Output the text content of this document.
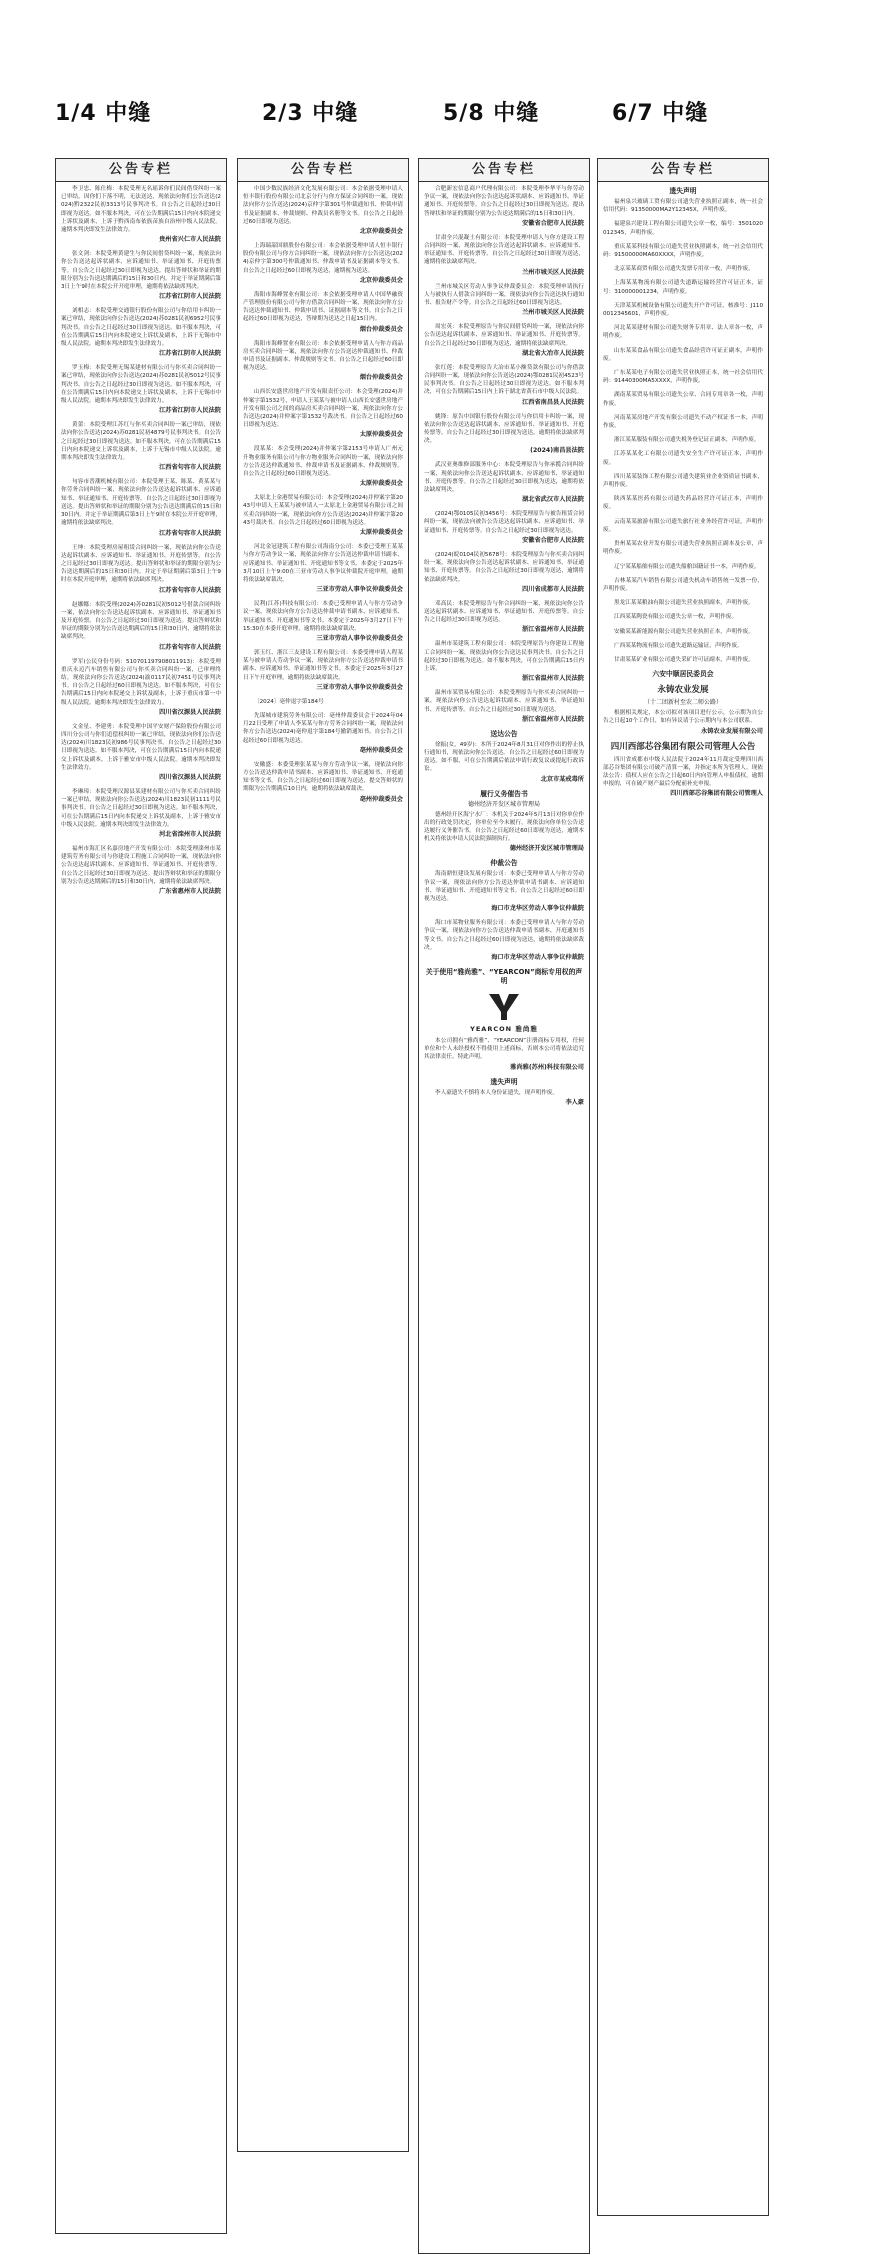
1/4 中缝	2/3 中缝	5/8 中缝	6/7 中缝
公告专栏

李卫忠、陈仕梅：本院受理无名瑶诉你们民间借贷纠纷一案已审结，因你们下落不明，无法送达，现依法向你们公告送达(2024)黔2322民初3313号民事判决书。自公告之日起经过30日即视为送达。如不服本判决，可在公告期满后15日内向本院递交上诉状及副本，上诉于黔西南布依族苗族自治州中级人民法院。逾期本判决即发生法律效力。

贵州省兴仁市人民法院

张文剑：本院受理黄建生与你民间借贷纠纷一案，现依法向你公告送达起诉状副本、应诉通知书、举证通知书、开庭传票等。自公告之日起经过30日即视为送达。提出答辩状和举证的期限分别为公告送达期满后的15日和30日内。并定于举证期满后第3日上午9时在本院公开开庭审理，逾期将依法缺席判决。

江苏省江阴市人民法院

刘相志：本院受理交通银行股份有限公司与你信用卡纠纷一案已审结，现依法向你公告送达(2024)苏0281民初6952号民事判决书。自公告之日起经过30日即视为送达。如不服本判决，可在公告期满后15日内向本院递交上诉状及副本，上诉于无锡市中级人民法院。逾期本判决即发生法律效力。

江苏省江阴市人民法院

罗玉梅：本院受理无锡某建材有限公司与你买卖合同纠纷一案已审结，现依法向你公告送达(2024)苏0281民初5012号民事判决书。自公告之日起经过30日即视为送达。如不服本判决，可在公告期满后15日内向本院递交上诉状及副本，上诉于无锡市中级人民法院。逾期本判决即发生法律效力。

江苏省江阴市人民法院

黄蕾：本院受理江苏红与你买卖合同纠纷一案已审结，现依法向你公告送达(2024)苏0281民初4879号民事判决书。自公告之日起经过30日即视为送达。如不服本判决，可在公告期满后15日内向本院递交上诉状及副本，上诉于无锡市中级人民法院。逾期本判决即发生法律效力。

江西省句容市人民法院

句容市普潮机械有限公司：本院受理王某、陈某、黄某某与你劳务合同纠纷一案，现依法向你公告送达起诉状副本、应诉通知书、举证通知书、开庭传票等。自公告之日起经过30日即视为送达。提出答辩状和举证的期限分别为公告送达期满后的15日和30日内。并定于举证期满后第3日上午9时在本院公开开庭审理，逾期将依法缺席判决。

江苏省句容市人民法院

王坤：本院受理房屋租赁合同纠纷一案，现依法向你公告送达起诉状副本、应诉通知书、举证通知书、开庭传票等。自公告之日起经过30日即视为送达。提出答辩状和举证的期限分别为公告送达期满后的15日和30日内。并定于举证期满后第3日上午9时在本院开庭审理，逾期将依法缺席判决。

江苏省句容市人民法院

赵娜娜：本院受理(2024)苏0281民初5012号借款合同纠纷一案，依法向你公告送达起诉状副本、应诉通知书、举证通知书及开庭传票。自公告之日起经过30日即视为送达。提出答辩状和举证的期限分别为公告送达期满后的15日和30日内，逾期将依法缺席判决。

江苏省句容市人民法院

罗军(公民身份号码：510701197908011913)：本院受理重庆永迈汽车销售有限公司与你买卖合同纠纷一案，已审理终结。现依法向你公告送达(2024)渝0117民初7451号民事判决书。自公告之日起经过60日即视为送达。如不服本判决，可在公告期满后15日内向本院递交上诉状及副本，上诉于重庆市第一中级人民法院。逾期本判决即发生法律效力。

四川省汉源县人民法院

文金星、李建勇：本院受理中国平安财产保险股份有限公司四川分公司与你们追偿权纠纷一案已审结，现依法向你们公告送达(2024)川1823民初986号民事判决书。自公告之日起经过30日即视为送达。如不服本判决，可在公告期满后15日内向本院递交上诉状及副本，上诉于雅安市中级人民法院。逾期本判决即发生法律效力。

四川省汉源县人民法院

李琳璋：本院受理汉源县某建材有限公司与你买卖合同纠纷一案已审结，现依法向你公告送达(2024)川1823民初1111号民事判决书。自公告之日起经过30日即视为送达。如不服本判决，可在公告期满后15日内向本院递交上诉状及副本，上诉于雅安市中级人民法院。逾期本判决即发生法律效力。

河北省滦州市人民法院

福州市海汇区名嘉房地产开发有限公司：本院受理滦州市某建筑劳务有限公司与你建设工程施工合同纠纷一案，现依法向你公告送达起诉状副本、应诉通知书、举证通知书、开庭传票等。自公告之日起经过30日即视为送达。提出答辩状和举证的期限分别为公告送达期满后的15日和30日内，逾期将依法缺席判决。

广东省惠州市人民法院
公告专栏

中国少数民族经济文化发展有限公司：本会依据受理申请人恒丰银行股份有限公司北京分行与你方保证合同纠纷一案，现依法向你方公告送达(2024)京仲字第301号仲裁通知书、仲裁申请书及证据副本、仲裁规则、仲裁员名册等文书。自公告之日起经过60日即视为送达。

北京仲裁委员会

上海瑞韶国鼎股份有限公司：本会依据受理申请人恒丰银行股份有限公司与你方合同纠纷一案，现依法向你方公告送达(2024)京仲字第300号仲裁通知书、仲裁申请书及证据副本等文书。自公告之日起经过60日即视为送达，逾期视为送达。

北京仲裁委员会

海阳市海峰置业有限公司：本会依据受理申请人中国华融资产管理股份有限公司与你方借款合同纠纷一案，现依法向你方公告送达仲裁通知书、仲裁申请书、证据副本等文书。自公告之日起经过60日即视为送达，答辩期为送达之日起15日内。

烟台仲裁委员会

海阳市海峰置业有限公司：本会依据受理申请人与你方商品房买卖合同纠纷一案，现依法向你方公告送达仲裁通知书、仲裁申请书及证据副本、仲裁规则等文书。自公告之日起经过60日即视为送达。

烟台仲裁委员会

山西长安盛世房地产开发有限责任公司：本会受理(2024)并仲案字第1532号，申请人王某某与被申请人山西长安盛世房地产开发有限公司之间的商品房买卖合同纠纷一案，现依法向你方公告送达(2024)并仲案字第1532号裁决书。自公告之日起经过60日即视为送达。

太原仲裁委员会

段某某：本会受理(2024)并仲案字第2153号申请人广州元升物业服务有限公司与你方物业服务合同纠纷一案，现依法向你方公告送达仲裁通知书、仲裁申请书及证据副本、仲裁规则等。自公告之日起经过60日即视为送达。

太原仲裁委员会

太原北上金港贸易有限公司：本会受理(2024)并仲案字第2043号申请人王某某与被申请人一太原北上金港贸易有限公司之间买卖合同纠纷一案，现依法向你方公告送达(2024)并仲案字第2043号裁决书。自公告之日起经过60日即视为送达。

太原仲裁委员会

河北金冠建筑工程有限公司海南分公司：本委已受理王某某与你方劳动争议一案，现依法向你方公告送达仲裁申请书副本、应诉通知书、举证通知书、开庭通知书等文书。本委定于2025年3月10日上午9:00在三亚市劳动人事争议仲裁院开庭审理，逾期将依法缺席裁决。

三亚市劳动人事争议仲裁委员会

民利(江苏)科技有限公司：本委已受理申请人与你方劳动争议一案，现依法向你方公告送达仲裁申请书副本、应诉通知书、举证通知书、开庭通知书等文书。本委定于2025年3月27日下午15:30在本委开庭审理，逾期将依法缺席裁决。

三亚市劳动人事争议仲裁委员会

郭玉红、浙江三友建设工程有限公司：本委受理申请人程某某与被申请人劳动争议一案，现依法向你方公告送达仲裁申请书副本、应诉通知书、举证通知书等文书。本委定于2025年3月27日下午开庭审理，逾期将依法缺席裁决。

三亚市劳动人事争议仲裁委员会

〔2024〕亳仲退字第184号

先谋城市建筑劳务有限公司：亳州仲裁委员会于2024年04月22日受理了申请人李某某与你方劳务合同纠纷一案，现依法向你方公告送达(2024)亳仲退字第184号撤销通知书。自公告之日起经过60日即视为送达。

亳州仲裁委员会

安徽盛：本委受理张某某与你方劳动争议一案，现依法向你方公告送达仲裁申请书副本、应诉通知书、举证通知书、开庭通知书等文书。自公告之日起经过60日即视为送达，提交答辩状的期限为公告期满后10日内，逾期将依法缺席裁决。

亳州仲裁委员会
公告专栏

合肥新宏信息商户代理有限公司：本院受理李华平与你劳动争议一案，现依法向你公告送达起诉状副本、应诉通知书、举证通知书、开庭传票等。自公告之日起经过30日即视为送达。提出答辩状和举证的期限分别为公告送达期满后的15日和30日内。

安徽省合肥市人民法院

甘肃全兴混凝土有限公司：本院受理申请人与你方建设工程合同纠纷一案，现依法向你公告送达起诉状副本、应诉通知书、举证通知书、开庭传票等。自公告之日起经过30日即视为送达，逾期将依法缺席判决。

兰州市城关区人民法院

兰州市城关区劳动人事争议仲裁委员会：本院受理申请执行人与被执行人借款合同纠纷一案，现依法向你公告送达执行通知书、报告财产令等。自公告之日起经过60日即视为送达。

兰州市城关区人民法院

周宏英：本院受理原告与你民间借贷纠纷一案，现依法向你公告送达起诉状副本、应诉通知书、举证通知书、开庭传票等。自公告之日起经过30日即视为送达，逾期将依法缺席判决。

湖北省大冶市人民法院

张红莲：本院受理原告大冶市某小额贷款有限公司与你借款合同纠纷一案，现依法向你公告送达(2024)鄂0281民初4523号民事判决书。自公告之日起经过30日即视为送达。如不服本判决，可在公告期满后15日内上诉于湖北省黄石市中级人民法院。

江西省南昌县人民法院

姚锋：原告中国银行股份有限公司与你信用卡纠纷一案，现依法向你公告送达起诉状副本、应诉通知书、举证通知书、开庭传票等。自公告之日起经过30日即视为送达，逾期将依法缺席判决。

(2024)南昌县法院

武汉亚奥维修部服务中心：本院受理原告与你承揽合同纠纷一案，现依法向你公告送达起诉状副本、应诉通知书、举证通知书、开庭传票等。自公告之日起经过30日即视为送达，逾期将依法缺席判决。

湖北省武汉市人民法院

(2024)鄂0105民初3456号：本院受理原告与被告租赁合同纠纷一案，现依法向被告公告送达起诉状副本、应诉通知书、举证通知书、开庭传票等。自公告之日起经过30日即视为送达。

安徽省合肥市人民法院

(2024)皖0104民初5678号：本院受理原告与你买卖合同纠纷一案，现依法向你公告送达起诉状副本、应诉通知书、举证通知书、开庭传票等。自公告之日起经过30日即视为送达，逾期将依法缺席判决。

四川省成都市人民法院

邓高民：本院受理原告与你合同纠纷一案，现依法向你公告送达起诉状副本、应诉通知书、举证通知书、开庭传票等。自公告之日起经过30日即视为送达。

浙江省温州市人民法院

温州市某建筑工程有限公司：本院受理原告与你建设工程施工合同纠纷一案，现依法向你公告送达民事判决书。自公告之日起经过30日即视为送达。如不服本判决，可在公告期满后15日内上诉。

浙江省温州市人民法院

温州市某贸易有限公司：本院受理原告与你买卖合同纠纷一案，现依法向你公告送达起诉状副本、应诉通知书、举证通知书、开庭传票等。自公告之日起经过30日即视为送达。

浙江省温州市人民法院
送达公告

徐振(女，49岁)：本所于2024年8月31日对你作出的停止执行通知书，现依法向你公告送达。自公告之日起经过60日即视为送达。如不服，可在公告期满后依法申请行政复议或提起行政诉讼。

北京市某戒毒所
履行义务催告书
德州经济开发区城市管理局

德州经开区海宁水厂：本机关于2024年5月13日对你单位作出的行政处罚决定，你单位至今未履行。现依法向你单位公告送达履行义务催告书。自公告之日起经过60日即视为送达，逾期本机关将依法申请人民法院强制执行。

德州经济开发区城市管理局
仲裁公告

海南鼎恒建设发展有限公司：本委已受理申请人与你方劳动争议一案，现依法向你方公告送达仲裁申请书副本、应诉通知书、举证通知书、开庭通知书等文书。自公告之日起经过60日即视为送达。

海口市龙华区劳动人事争议仲裁院

海口市某物业服务有限公司：本委已受理申请人与你方劳动争议一案，现依法向你方公告送达仲裁申请书副本、开庭通知书等文书。自公告之日起经过60日即视为送达，逾期将依法缺席裁决。

海口市龙华区劳动人事争议仲裁院
关于使用“雅尚雅”、“YEARCON”商标专用权的声明
YEARCON 雅尚雅

本公司拥有“雅尚雅”、“YEARCON”注册商标专用权，任何单位和个人未经授权不得使用上述商标，否则本公司将依法追究其法律责任。特此声明。

雅尚雅(苏州)科技有限公司
遗失声明

李人豪遗失不慎将本人身份证遗失，现声明作废。

李人豪
公告专栏
遗失声明

福州泉兴玻璃工贸有限公司遗失营业执照正副本，统一社会信用代码：91350000MA2Y12345X，声明作废。

福建泉兴建设工程有限公司遗失公章一枚，编号：3501020012345，声明作废。

重庆某某科技有限公司遗失营业执照副本，统一社会信用代码：91500000MA60XXXX，声明作废。

北京某某商贸有限公司遗失发票专用章一枚，声明作废。

上海某某物流有限公司遗失道路运输经营许可证正本，证号：310000001234，声明作废。

天津某某机械设备有限公司遗失开户许可证，核准号：J1100012345601，声明作废。

河北某某建材有限公司遗失财务专用章、法人章各一枚，声明作废。

山东某某食品有限公司遗失食品经营许可证正副本，声明作废。

广东某某电子有限公司遗失营业执照正本，统一社会信用代码：91440300MA5XXXX，声明作废。

湖南某某贸易有限公司遗失公章、合同专用章各一枚，声明作废。

河南某某房地产开发有限公司遗失不动产权证书一本，声明作废。

浙江某某服装有限公司遗失税务登记证正副本，声明作废。

江苏某某化工有限公司遗失安全生产许可证正本，声明作废。

四川某某装饰工程有限公司遗失建筑业企业资质证书副本，声明作废。

陕西某某医药有限公司遗失药品经营许可证正本，声明作废。

云南某某旅游有限公司遗失旅行社业务经营许可证，声明作废。

贵州某某农业开发有限公司遗失营业执照正副本及公章，声明作废。

辽宁某某船舶有限公司遗失船舶国籍证书一本，声明作废。

吉林某某汽车销售有限公司遗失机动车销售统一发票一份，声明作废。

黑龙江某某粮油有限公司遗失营业执照副本，声明作废。

江西某某陶瓷有限公司遗失公章一枚，声明作废。

安徽某某新能源有限公司遗失营业执照正本，声明作废。

广西某某物流有限公司遗失道路运输证，声明作废。

甘肃某某矿业有限公司遗失采矿许可证副本，声明作废。

六安中顺居民委员会
永铸农业发展
（十二团新村至农二师公路）

根据相关规定，本公司拟对该项目进行公示，公示期为自公告之日起10个工作日，如有异议请于公示期内与本公司联系。

永铸农业发展有限公司
四川西部芯谷集团有限公司管理人公告

四川省成都市中级人民法院于2024年11月裁定受理四川西部芯谷集团有限公司破产清算一案，并指定本所为管理人。现依法公告：债权人应在公告之日起60日内向管理人申报债权，逾期申报的，可在破产财产最后分配前补充申报。

四川西部芯谷集团有限公司管理人
